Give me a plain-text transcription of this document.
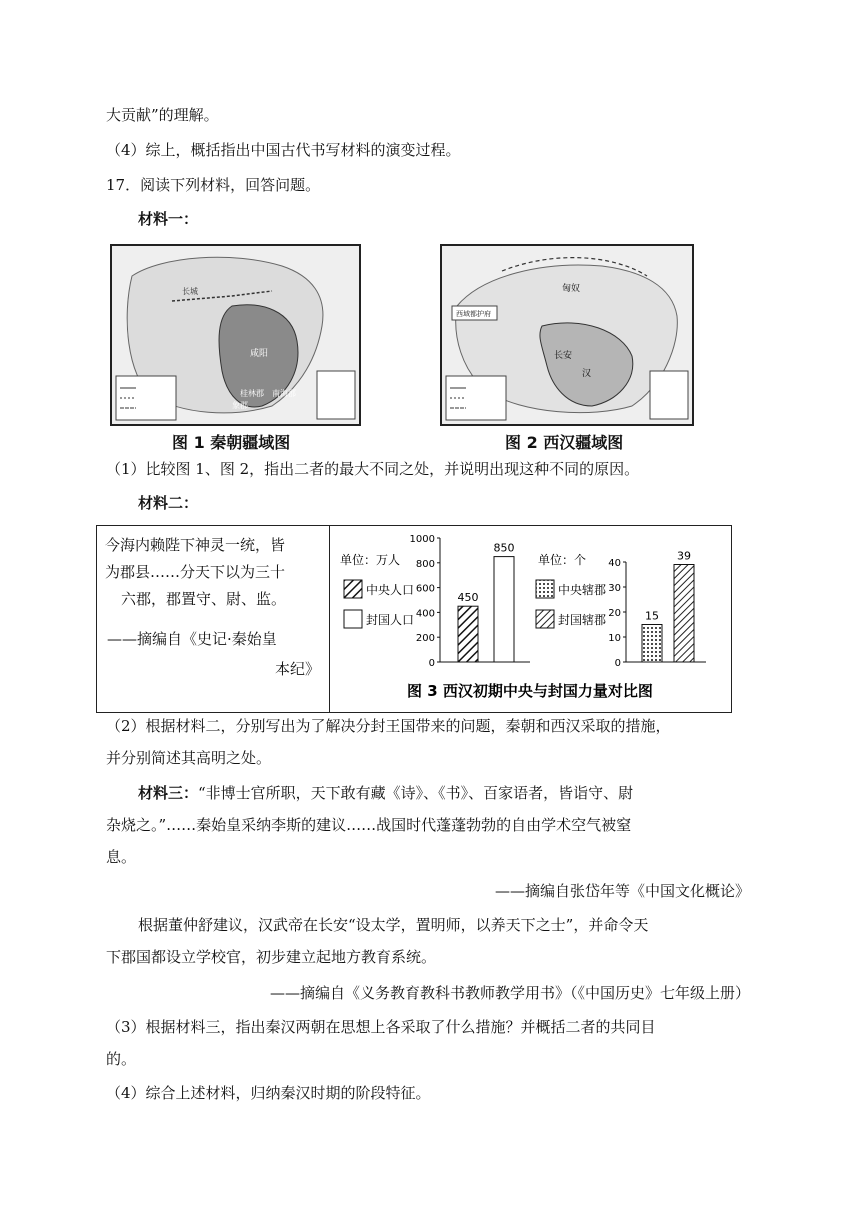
大贡献”的理解。
（4）综上，概括指出中国古代书写材料的演变过程。
17．阅读下列材料，回答问题。
材料一：
咸阳
南海郡
桂林郡
象郡
长城
图 1 秦朝疆域图
西域都护府
长安
汉
匈奴
图 2 西汉疆域图
（1）比较图 1、图 2，指出二者的最大不同之处，并说明出现这种不同的原因。
材料二：
今海内赖陛下神灵一统，皆
为郡县……分天下以为三十
六郡，郡置守、尉、监。
——摘编自《史记·秦始皇
本纪》
单位：万人
中央人口
封国人口
0
200
400
600
800
1000
450
850
单位：个
中央辖郡
封国辖郡
0
10
20
30
40
15
39
图 3 西汉初期中央与封国力量对比图
（2）根据材料二，分别写出为了解决分封王国带来的问题，秦朝和西汉采取的措施，
并分别简述其高明之处。
材料三：“非博士官所职，天下敢有藏《诗》、《书》、百家语者，皆诣守、尉
杂烧之。”……秦始皇采纳李斯的建议……战国时代蓬蓬勃勃的自由学术空气被窒
息。
——摘编自张岱年等《中国文化概论》
根据董仲舒建议，汉武帝在长安“设太学，置明师，以养天下之士”，并命令天
下郡国都设立学校官，初步建立起地方教育系统。
——摘编自《义务教育教科书教师教学用书》（《中国历史》七年级上册）
（3）根据材料三，指出秦汉两朝在思想上各采取了什么措施？并概括二者的共同目
的。
（4）综合上述材料，归纳秦汉时期的阶段特征。
